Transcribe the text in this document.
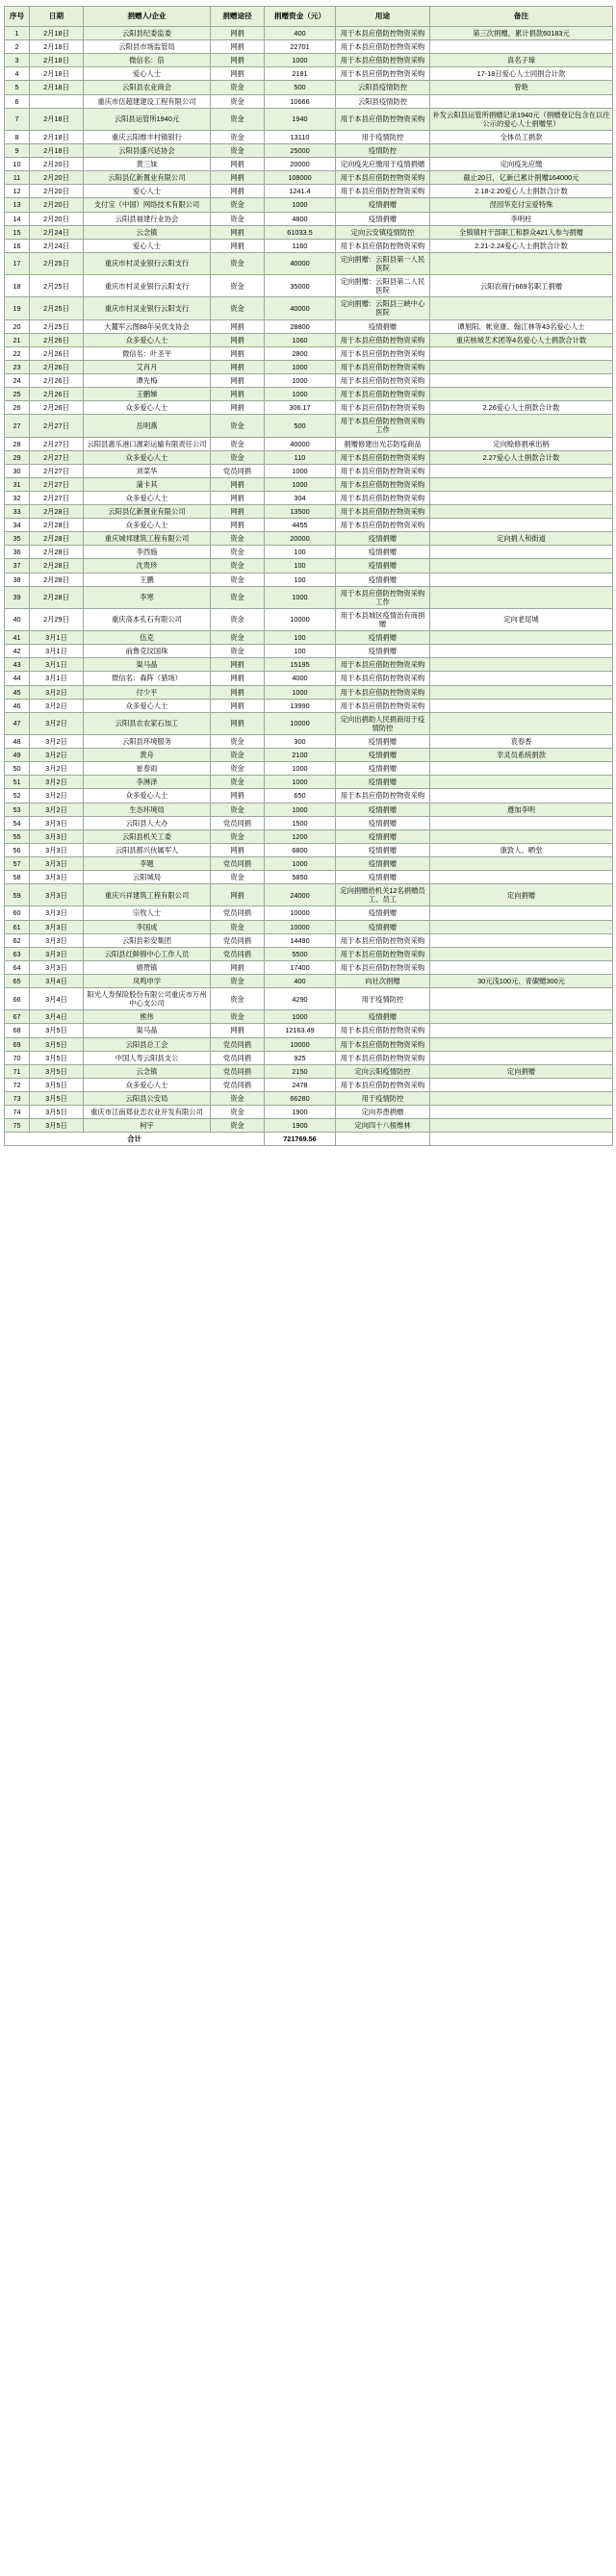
序号	日期	捐赠人/企业	捐赠途径	捐赠资金（元）	用途	备注
1	2月18日	云阳县纪委监委	网捐	400	用于本县应借防控物资采购	第三次捐赠，累计捐款60183元
2	2月18日	云阳县市场监管局	网捐	22701	用于本县应借防控物资采购	
3	2月18日	微信名：倍	网捐	1000	用于本县应借防控物资采购	真名子璋
4	2月18日	爱心人士	网捐	2181	用于本县应借防控物资采购	17-18日爱心人士同捐合计款
5	2月18日	云阳县农业商会	资金	500	云阳县疫情防控	曾艳
6		重庆市伍超建建设工程有限公司	资金	10666	云阳县疫情防控	
7	2月18日	云阳县运管所1940元	资金	1940	用于本县应借防控物资采购	补发云阳县运管所捐赠记录1940元（捐赠登记包含在以往公示的爱心人士捐赠里）
8	2月18日	重庆云阳维丰村镇银行	资金	13110	用于疫情防控	全体员工捐款
9	2月18日	云阳县盛兴达协会	资金	25000	疫情防控	
10	2月20日	黄三妹	网捐	20000	定向疫先应缴用于疫情捐赠	定向疫先应缴
11	2月20日	云阳县亿新置业有限公司	网捐	108000	用于本县应借防控物资采购	截止20日，亿新已累计捐赠164000元
12	2月20日	爱心人士	网捐	1241.4	用于本县应借防控物资采购	2.18-2.20爱心人士捐款合计数
13	2月20日	支付宝（中国）网络技术有限公司	资金	1000	疫情捐赠	涅园华克付宝爱特殊
14	2月20日	云阳县福建行业协会	资金	4800	疫情捐赠	李明柱
15	2月24日	云念镇	网捐	61033.5	定向云安镇疫情防控	全镇镇村干部职工和群众421人参与捐赠
16	2月24日	爱心人士	网捐	1160	用于本县应借防控物资采购	2.21-2.24爱心人士捐款合计数
17	2月25日	重庆市村灵业银行云阳支行	资金	40000	定向捐赠：云阳县第一人民医院	
18	2月25日	重庆市村灵业银行云阳支行	资金	35000	定向捐赠：云阳县第二人民医院	云阳农商行669名职工捐赠
19	2月25日	重庆市村灵业银行云阳支行	资金	40000	定向捐赠：云阳县三峡中心医院	
20	2月25日	大麓军云图88年吴优支协会	网捐	28800	疫情捐赠	谭旭阳、帐宽康、翰江林等43名爱心人士
21	2月26日	众多爱心人士	网捐	1060	用于本县应借防控物资采购	重庆核城艺术团等4名爱心人士捐款合计数
22	2月26日	微信名：叶圣平	网捐	2800	用于本县应借防控物资采购	
23	2月26日	艾肖月	网捐	1000	用于本县应借防控物资采购	
24	2月26日	谭先梅	网捐	1000	用于本县应借防控物资采购	
25	2月26日	王鹏娣	网捐	1000	用于本县应借防控物资采购	
26	2月26日	众多爱心人士	网捐	306.17	用于本县应借防控物资采购	2.26爱心人士捐款合计数
27	2月27日	岳明燕	资金	500	用于本县应借防控物资采购工作	
28	2月27日	云阳县惠乐港口源彩运输有限责任公司	资金	40000	捐赠修建出光芯防疫商品	定向赊修捐承出柄
29	2月27日	众多爱心人士	资金	110	用于本县应借防控物资采购	2.27爱心人士捐款合计数
30	2月27日	刘菜华	党员同捐	1000	用于本县应借防控物资采购	
31	2月27日	蒲卡其	网捐	1000	用于本县应借防控物资采购	
32	2月27日	众多爱心人士	网捐	304	用于本县应借防控物资采购	
33	2月28日	云阳县亿新置业有限公司	网捐	13500	用于本县应借防控物资采购	
34	2月28日	众多爱心人士	网捐	4455	用于本县应借防控物资采购	
35	2月28日	重庆城邦建筑工程有限公司	资金	20000	疫情捐赠	定向捐人和街道
36	2月28日	李西施	资金	100	疫情捐赠	
37	2月28日	沈贵珍	资金	100	疫情捐赠	
38	2月28日	王鹏	资金	100	疫情捐赠	
39	2月28日	李寒	资金	1000	用于本县应借防控物资采购工作	
40	2月29日	重庆高本孔石有限公司	资金	10000	用于本县城区疫情治有商捐赠	定向老尾城
41	3月1日	伍克	资金	100	疫情捐赠	
42	3月1日	前鲁克玟国珠	资金	100	疫情捐赠	
43	3月1日	渠马晶	网捐	15195	用于本县应借防控物资采购	
44	3月1日	微信名：森阵（猎场）	网捐	4000	用于本县应借防控物资采购	
45	3月2日	付少平	网捐	1000	用于本县应借防控物资采购	
46	3月2日	众多爱心人士	网捐	13990	用于本县应借防控物资采购	
47	3月2日	云阳县农农家石加工	网捐	10000	定向出捐助人民捐商用于疫情防控	
48	3月2日	云阳县环境服务	资金	300	疫情捐赠	袁春香
49	3月2日	黄舟	资金	2100	疫情捐赠	幸灵员系统捐款
50	3月2日	崔春雨	资金	1000	疫情捐赠	
51	3月2日	李淋泽	资金	1000	疫情捐赠	
52	3月2日	众多爱心人士	网捐	650	用于本县应借防控物资采购	
53	3月2日	生态环境局	资金	1000	疫情捐赠	遵加李明
54	3月3日	云阳县人大办	党员同捐	1500	疫情捐赠	
55	3月3日	云阳县机关工委	资金	1200	疫情捐赠	
56	3月3日	云阳县都兴伙属军人	网捐	6800	疫情捐赠	康敦人、晒堂
57	3月3日	李题	党员同捐	1000	疫情捐赠	
58	3月3日	云阳城局	资金	5850	疫情捐赠	
59	3月3日	重庆兴祥建筑工程有限公司	网捐	24000	定向捐赠给机关12名捐赠员工、员工	定向捐赠
60	3月3日	宗牧人士	党员同捐	10000	疫情捐赠	
61	3月3日	李国成	资金	10000	疫情捐赠	
62	3月3日	云阳县彩安集团	党员同捐	14490	用于本县应借防控物资采购	
63	3月3日	云阳县红鲜锦中心工作人员	党员同捐	5500	用于本县应借防控物资采购	
64	3月3日	娟赞镇	网捐	17400	用于本县应借防控物资采购	
65	3月4日	凤鸣申学	资金	400	向社次捐赠	30元浅100元、青碳赠300元
66	3月4日	阳光人寿保险股份有限公司重庆市万州中心支公司	资金	4290	用于疫情防控	
67	3月4日	熊伟	资金	1000	疫情捐赠	
68	3月5日	渠马晶	网捐	12163.49	用于本县应借防控物资采购	
69	3月5日	云阳县总工会	党员同捐	10000	用于本县应借防控物资采购	
70	3月5日	中国人寿云阳县支公	党员同捐	925	用于本县应借防控物资采购	
71	3月5日	云念镇	党员同捐	2150	定向云阳疫情防控	定向捐赠
72	3月5日	众多爱心人士	党员同捐	2478	用于本县应借防控物资采购	
73	3月5日	云阳县公安局	资金	66280	用于疫情防控	
74	3月5日	重庆市江南郑业恋农业开发有限公司	资金	1900	定向养患捐赠	
75	3月5日	柯宇	资金	1900	定向四十八根维林	
合计				721769.56		
